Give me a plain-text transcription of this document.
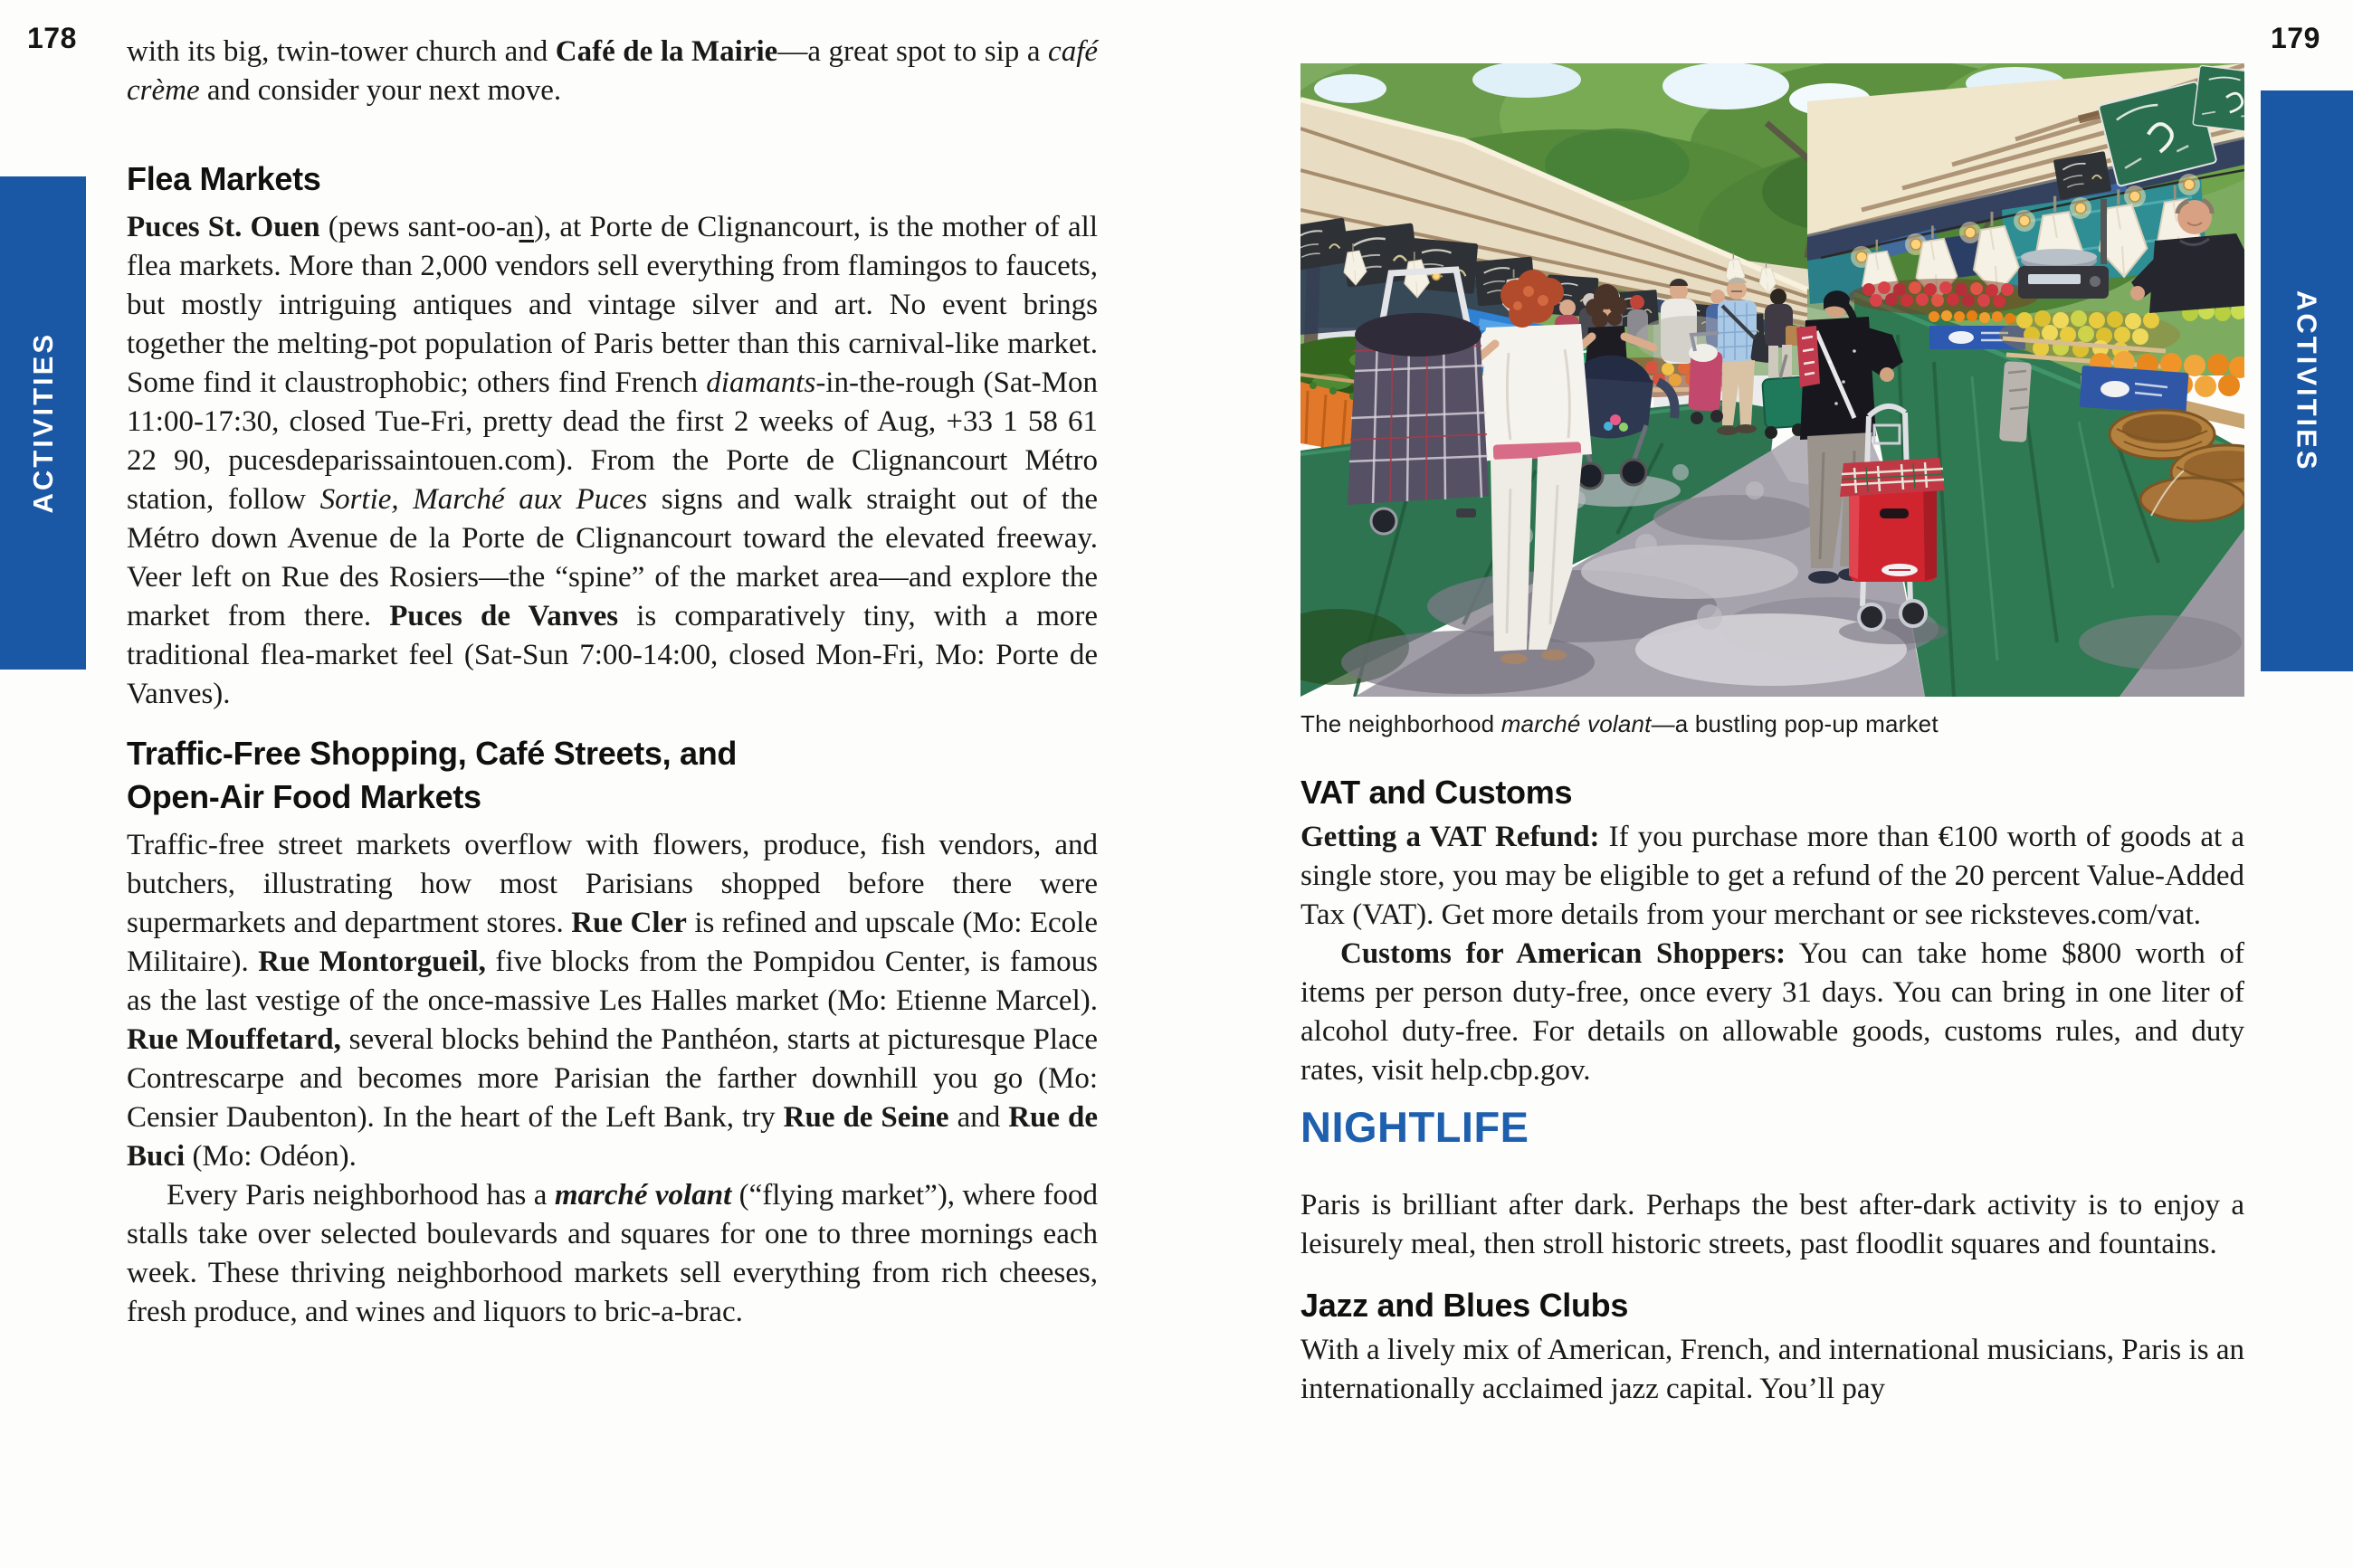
178	179
ACTIVITIES	ACTIVITIES

with its big, twin-tower church and Café de la Mairie—a great spot to sip a café crème and consider your next move.

Flea Markets

Puces St. Ouen (pews sant-oo-an), at Porte de Clignancourt, is the mother of all flea markets. More than 2,000 vendors sell everything from flamingos to faucets, but mostly intriguing antiques and vintage silver and art. No event brings together the melting-pot population of Paris better than this carnival-like market. Some find it claustrophobic; others find French diamants-in-the-rough (Sat-Mon 11:00-17:30, closed Tue-Fri, pretty dead the first 2 weeks of Aug, +33 1 58 61 22 90, pucesdeparissaintouen.com). From the Porte de Clignancourt Métro station, follow Sortie, Marché aux Puces signs and walk straight out of the Métro down Avenue de la Porte de Clignancourt toward the elevated freeway. Veer left on Rue des Rosiers—the “spine” of the market area—and explore the market from there. Puces de Vanves is comparatively tiny, with a more traditional flea-market feel (Sat-Sun 7:00-14:00, closed Mon-Fri, Mo: Porte de Vanves).

Traffic-Free Shopping, Café Streets, and
Open-Air Food Markets

Traffic-free street markets overflow with flowers, produce, fish vendors, and butchers, illustrating how most Parisians shopped before there were supermarkets and department stores. Rue Cler is refined and upscale (Mo: Ecole Militaire). Rue Montorgueil, five blocks from the Pompidou Center, is famous as the last vestige of the once-massive Les Halles market (Mo: Etienne Marcel). Rue Mouffetard, several blocks behind the Panthéon, starts at picturesque Place Contrescarpe and becomes more Parisian the farther downhill you go (Mo: Censier Daubenton). In the heart of the Left Bank, try Rue de Seine and Rue de Buci (Mo: Odéon).

Every Paris neighborhood has a marché volant (“flying market”), where food stalls take over selected boulevards and squares for one to three mornings each week. These thriving neighborhood markets sell everything from rich cheeses, fresh produce, and wines and liquors to bric-a-brac.

The neighborhood marché volant—a bustling pop-up market
VAT and Customs

Getting a VAT Refund: If you purchase more than €100 worth of goods at a single store, you may be eligible to get a refund of the 20 percent Value-Added Tax (VAT). Get more details from your merchant or see ricksteves.com/vat.

Customs for American Shoppers: You can take home $800 worth of items per person duty-free, once every 31 days. You can bring in one liter of alcohol duty-free. For details on allowable goods, customs rules, and duty rates, visit help.cbp.gov.

NIGHTLIFE

Paris is brilliant after dark. Perhaps the best after-dark activity is to enjoy a leisurely meal, then stroll historic streets, past floodlit squares and fountains.

Jazz and Blues Clubs

With a lively mix of American, French, and international musicians, Paris is an internationally acclaimed jazz capital. You’ll pay
